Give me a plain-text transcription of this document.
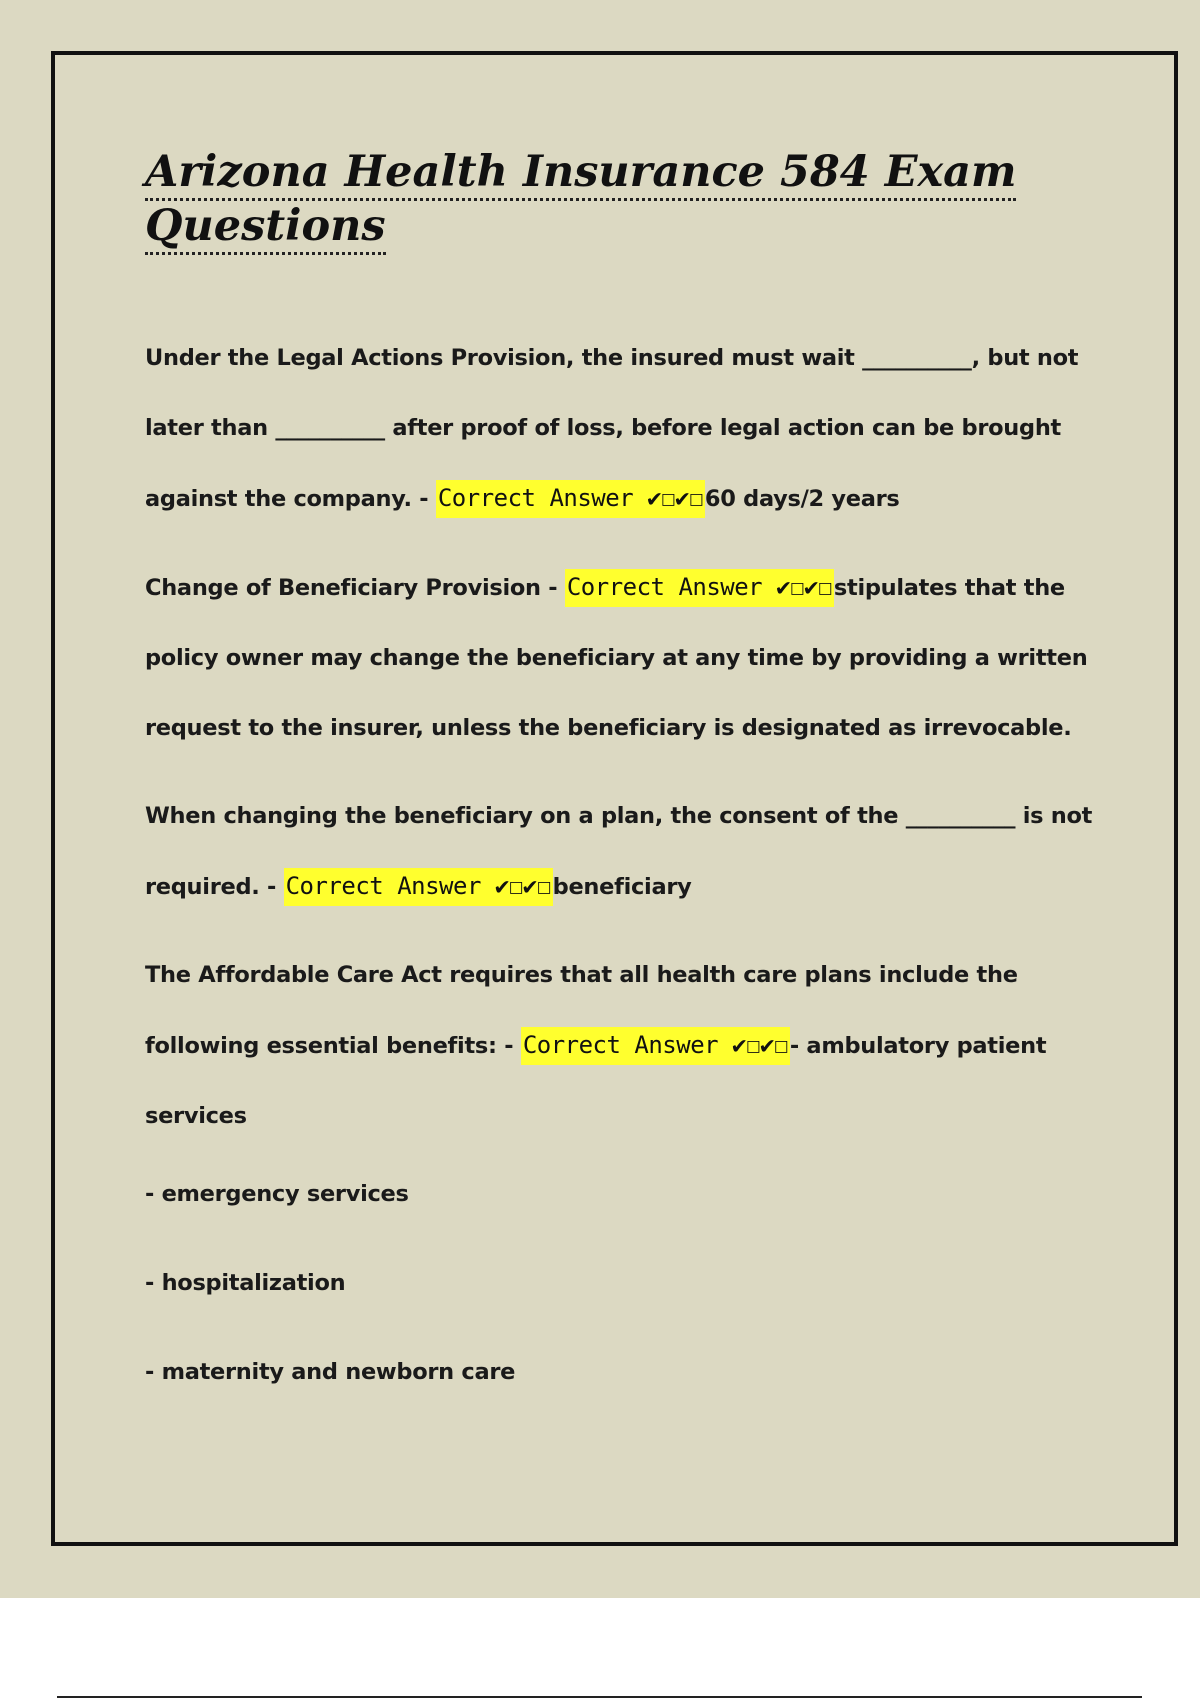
Arizona Health Insurance 584 Exam Questions

Under the Legal Actions Provision, the insured must wait __________, but not later than __________ after proof of loss, before legal action can be brought against the company. - Correct Answer ✔☐✔☐60 days/2 years

Change of Beneficiary Provision - Correct Answer ✔☐✔☐stipulates that the policy owner may change the beneficiary at any time by providing a written request to the insurer, unless the beneficiary is designated as irrevocable.

When changing the beneficiary on a plan, the consent of the __________ is not required. - Correct Answer ✔☐✔☐beneficiary

The Affordable Care Act requires that all health care plans include the following essential benefits: - Correct Answer ✔☐✔☐- ambulatory patient services

- emergency services
- hospitalization
- maternity and newborn care
